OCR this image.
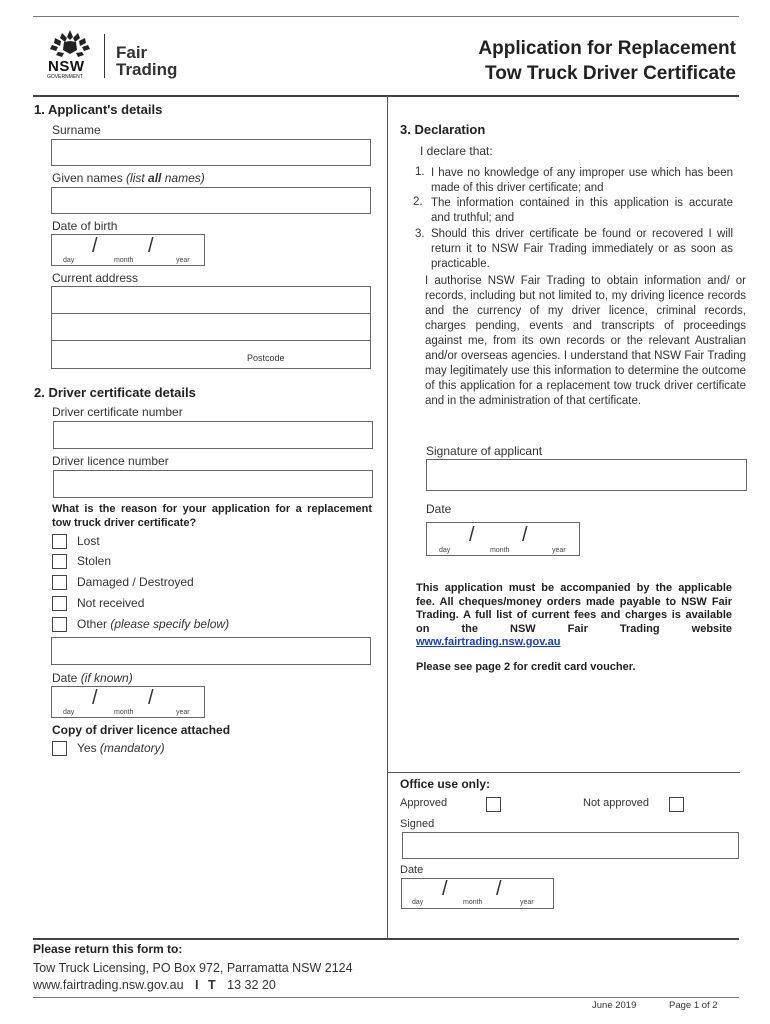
NSW
GOVERNMENT
Fair
Trading
Application for Replacement
Tow Truck Driver Certificate
1. Applicant's details
Surname
Given names (list all names)
Date of birth
/	/
day	month	year
Current address
Postcode
2. Driver certificate details
Driver certificate number
Driver licence number
What is the reason for your application for a replacement tow truck driver certificate?
Lost
Stolen
Damaged / Destroyed
Not received
Other (please specify below)
Date (if known)
/	/
day	month	year
Copy of driver licence attached
Yes (mandatory)
3. Declaration
I declare that:
1. I have no knowledge of any improper use which has been made of this driver certificate; and
2. The information contained in this application is accurate and truthful; and
3. Should this driver certificate be found or recovered I will return it to NSW Fair Trading immediately or as soon as practicable.
I authorise NSW Fair Trading to obtain information and/ or records, including but not limited to, my driving licence records and the currency of my driver licence, criminal records, charges pending, events and transcripts of proceedings against me, from its own records or the relevant Australian and/or overseas agencies. I understand that NSW Fair Trading may legitimately use this information to determine the outcome of this application for a replacement tow truck driver certificate and in the administration of that certificate.
Signature of applicant
Date
/ /
day	month	year
This application must be accompanied by the applicable fee. All cheques/money orders made payable to NSW Fair Trading. A full list of current fees and charges is available on the NSW Fair Trading website www.fairtrading.nsw.gov.au
Please see page 2 for credit card voucher.
Office use only:
Approved	Not approved
Signed
Date
/ /
day	month	year
Please return this form to:
Tow Truck Licensing, PO Box 972, Parramatta NSW 2124
www.fairtrading.nsw.gov.au I T 13 32 20
June 2019	Page 1 of 2
